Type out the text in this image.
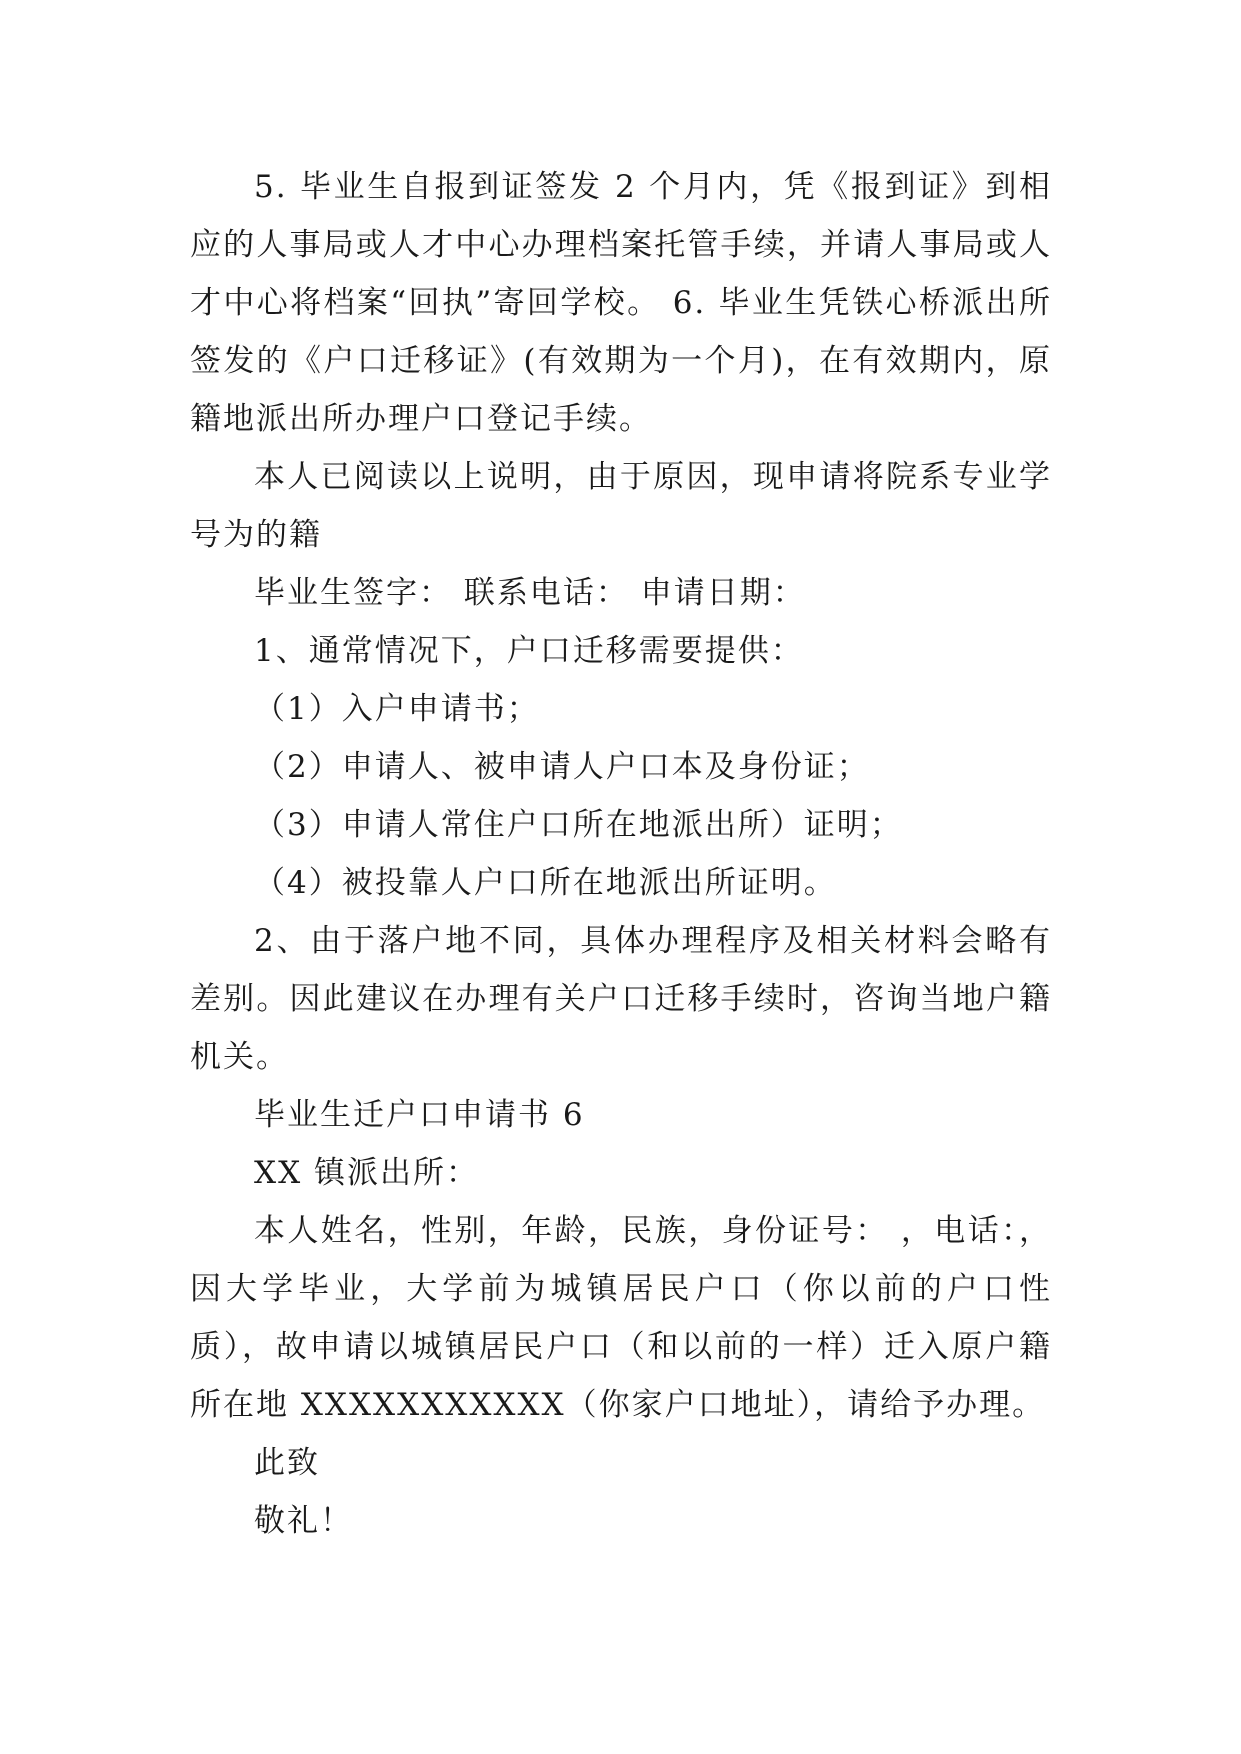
5. 毕业生自报到证签发 2 个月内，凭《报到证》到相应的人事局或人才中心办理档案托管手续，并请人事局或人才中心将档案“回执”寄回学校。 6. 毕业生凭铁心桥派出所签发的《户口迁移证》(有效期为一个月)，在有效期内，原籍地派出所办理户口登记手续。

本人已阅读以上说明，由于原因，现申请将院系专业学号为的籍

毕业生签字： 联系电话： 申请日期：

1、通常情况下，户口迁移需要提供：

（1）入户申请书；

（2）申请人、被申请人户口本及身份证；

（3）申请人常住户口所在地派出所）证明；

（4）被投靠人户口所在地派出所证明。

2、由于落户地不同，具体办理程序及相关材料会略有差别。因此建议在办理有关户口迁移手续时，咨询当地户籍机关。

毕业生迁户口申请书 6

XX 镇派出所：

本人姓名，性别，年龄，民族，身份证号： ，电话：，因大学毕业，大学前为城镇居民户口（你以前的户口性质），故申请以城镇居民户口（和以前的一样）迁入原户籍所在地 XXXXXXXXXXX（你家户口地址），请给予办理。

此致

敬礼！
